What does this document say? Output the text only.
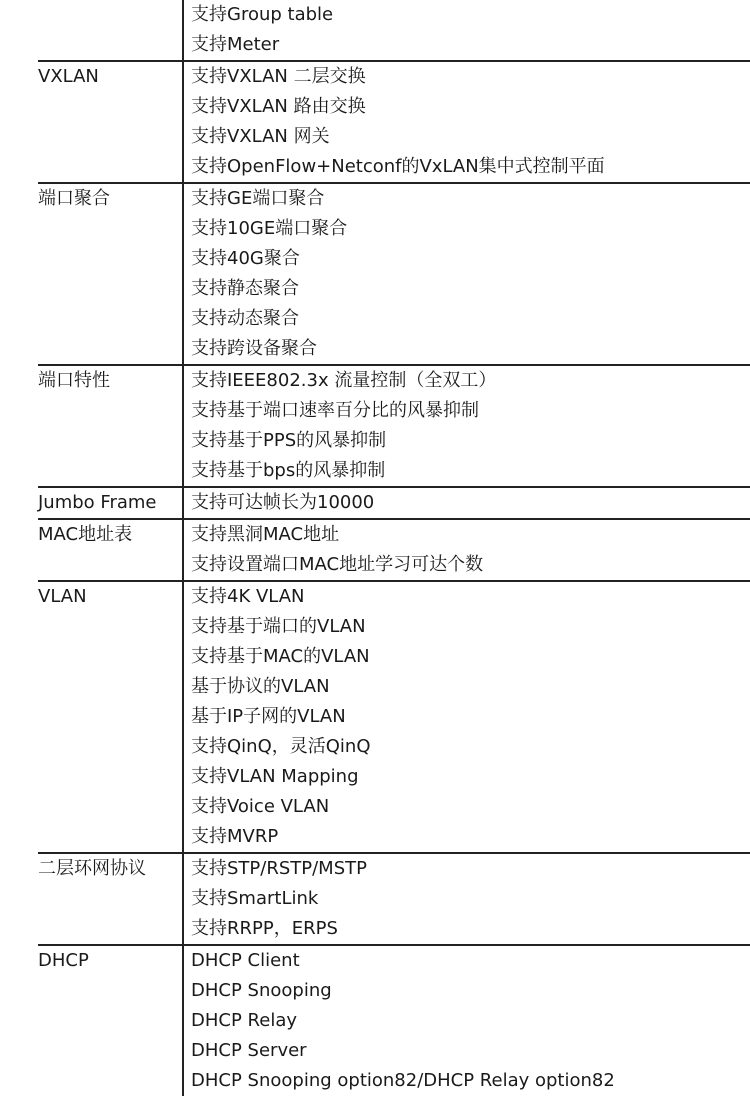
支持Group table
支持Meter
VXLAN	支持VXLAN 二层交换
支持VXLAN 路由交换
支持VXLAN 网关
支持OpenFlow+Netconf的VxLAN集中式控制平面
端口聚合	支持GE端口聚合
支持10GE端口聚合
支持40G聚合
支持静态聚合
支持动态聚合
支持跨设备聚合
端口特性	支持IEEE802.3x 流量控制（全双工）
支持基于端口速率百分比的风暴抑制
支持基于PPS的风暴抑制
支持基于bps的风暴抑制
Jumbo Frame 支持可达帧长为10000
MAC地址表	支持黑洞MAC地址
支持设置端口MAC地址学习可达个数
VLAN	支持4K VLAN
支持基于端口的VLAN
支持基于MAC的VLAN
基于协议的VLAN
基于IP子网的VLAN
支持QinQ，灵活QinQ
支持VLAN Mapping
支持Voice VLAN
支持MVRP
二层环网协议	支持STP/RSTP/MSTP
支持SmartLink
支持RRPP，ERPS
DHCP	DHCP Client
DHCP Snooping
DHCP Relay
DHCP Server
DHCP Snooping option82/DHCP Relay option82
